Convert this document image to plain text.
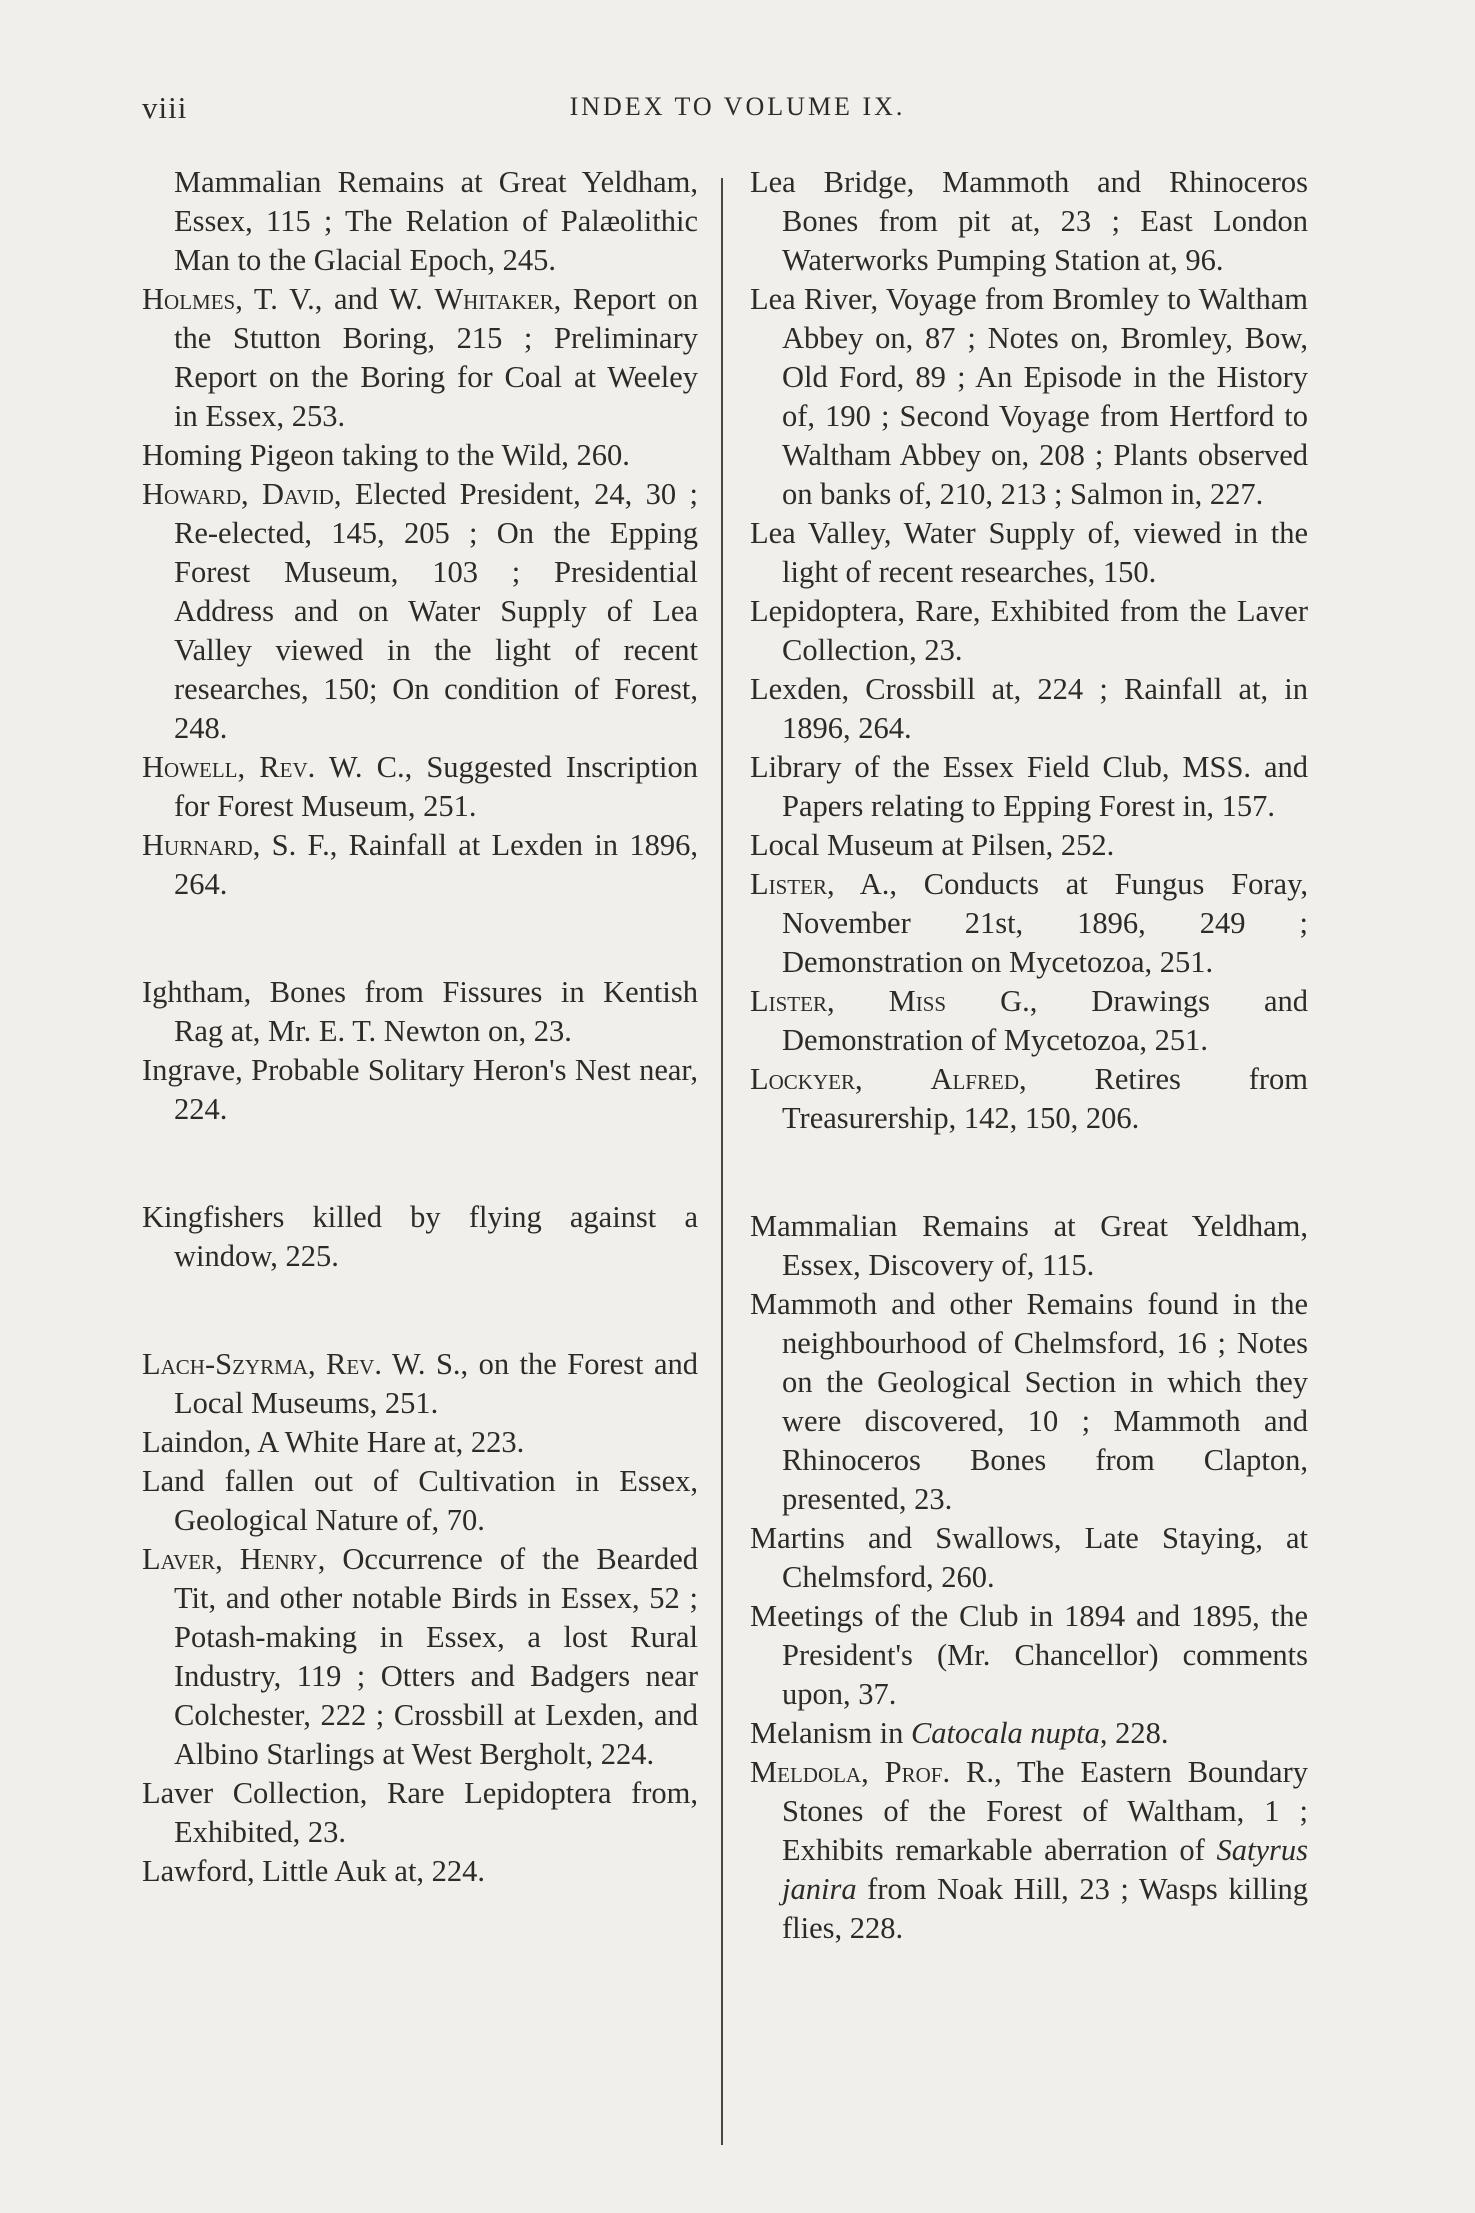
viii	INDEX TO VOLUME IX.

Mammalian Remains at Great Yeldham, Essex, 115 ; The Relation of Palæolithic Man to the Glacial Epoch, 245.

Holmes, T. V., and W. Whitaker, Report on the Stutton Boring, 215 ; Preliminary Report on the Boring for Coal at Weeley in Essex, 253.

Homing Pigeon taking to the Wild, 260.

Howard, David, Elected President, 24, 30 ; Re-elected, 145, 205 ; On the Epping Forest Museum, 103 ; Presidential Address and on Water Supply of Lea Valley viewed in the light of recent researches, 150; On condition of Forest, 248.

Howell, Rev. W. C., Suggested Inscription for Forest Museum, 251.

Hurnard, S. F., Rainfall at Lexden in 1896, 264.

Ightham, Bones from Fissures in Kentish Rag at, Mr. E. T. Newton on, 23.

Ingrave, Probable Solitary Heron's Nest near, 224.

Kingfishers killed by flying against a window, 225.

Lach-Szyrma, Rev. W. S., on the Forest and Local Museums, 251.

Laindon, A White Hare at, 223.

Land fallen out of Cultivation in Essex, Geological Nature of, 70.

Laver, Henry, Occurrence of the Bearded Tit, and other notable Birds in Essex, 52 ; Potash-making in Essex, a lost Rural Industry, 119 ; Otters and Badgers near Colchester, 222 ; Crossbill at Lexden, and Albino Starlings at West Bergholt, 224.

Laver Collection, Rare Lepidoptera from, Exhibited, 23.

Lawford, Little Auk at, 224.

Lea Bridge, Mammoth and Rhinoceros Bones from pit at, 23 ; East London Waterworks Pumping Station at, 96.

Lea River, Voyage from Bromley to Waltham Abbey on, 87 ; Notes on, Bromley, Bow, Old Ford, 89 ; An Episode in the History of, 190 ; Second Voyage from Hertford to Waltham Abbey on, 208 ; Plants observed on banks of, 210, 213 ; Salmon in, 227.

Lea Valley, Water Supply of, viewed in the light of recent researches, 150.

Lepidoptera, Rare, Exhibited from the Laver Collection, 23.

Lexden, Crossbill at, 224 ; Rainfall at, in 1896, 264.

Library of the Essex Field Club, MSS. and Papers relating to Epping Forest in, 157.

Local Museum at Pilsen, 252.

Lister, A., Conducts at Fungus Foray, November 21st, 1896, 249 ; Demonstration on Mycetozoa, 251.

Lister, Miss G., Drawings and Demonstration of Mycetozoa, 251.

Lockyer, Alfred, Retires from Treasurership, 142, 150, 206.

Mammalian Remains at Great Yeldham, Essex, Discovery of, 115.

Mammoth and other Remains found in the neighbourhood of Chelmsford, 16 ; Notes on the Geological Section in which they were discovered, 10 ; Mammoth and Rhinoceros Bones from Clapton, presented, 23.

Martins and Swallows, Late Staying, at Chelmsford, 260.

Meetings of the Club in 1894 and 1895, the President's (Mr. Chancellor) comments upon, 37.

Melanism in Catocala nupta, 228.

Meldola, Prof. R., The Eastern Boundary Stones of the Forest of Waltham, 1 ; Exhibits remarkable aberration of Satyrus janira from Noak Hill, 23 ; Wasps killing flies, 228.
